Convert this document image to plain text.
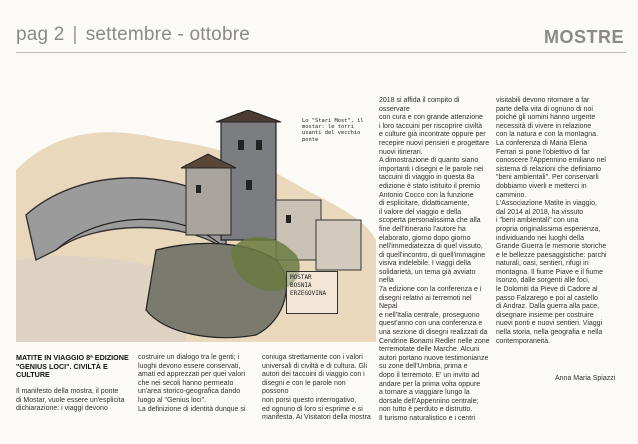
pag 2 | settembre - ottobre	MOSTRE
Lo "Stari Most", il mostar: le torri usanti del vecchio ponte
MOSTAR
BOSNIA
ERZEGOVINA
MATITE IN VIAGGIO 8ª EDIZIONE
"GENIUS LOCI". CIVILTÀ E
CULTURE

Il manifesto della mostra, il ponte
di Mostar, vuole essere un'esplicita
dichiarazione: i viaggi devono

costruire un dialogo tra le genti; i
luoghi devono essere conservati,
amati ed apprezzati per quei valori
che nei secoli hanno permeato
un'area storico-geografica dando
luogo al "Genius loci".
La definizione di identità dunque si

coniuga strettamente con i valori
universali di civiltà e di cultura. Gli
autori dei taccuini di viaggio con i
disegni e con le parole non possono
non porsi questo interrogativo,
ed ognuno di loro si esprime e si
manifesta. Ai Visitatori della mostra

2018 si affida il compito di osservare
con cura e con grande attenzione
i loro taccuini per riscoprire civiltà
e culture già incontrate oppure per
recepire nuovi pensieri e progettare
nuovi itinerari.
A dimostrazione di quanto siano
importanti i disegni e le parole nei
taccuini di viaggio in questa 8a
edizione è stato istituito il premio
Antonio Cocco con la funzione
di esplicitare, didatticamente,
il valore del viaggio e della
scoperta personalissima che alla
fine dell'itinerario l'autore ha
elaborato, giorno dopo giorno
nell'immediatezza di quel vissuto,
di quell'incontro, di quell'immagine
visiva indelebile. I viaggi della
solidarietà, un tema già avviato nella
7a edizione con la conferenza e i
disegni relativi ai terremoti nel Nepal
e nell'Italia centrale, proseguono
quest'anno con una conferenza e
una sezione di disegni realizzati da
Cendrine Bonami Redler nelle zone
terremotate delle Marche. Alcuni
autori portano nuove testimonianze
su zone dell'Umbria, prima e
dopo il terremoto. E' un invito ad
andare per la prima volta oppure
a tornare a viaggiare lungo la
dorsale dell'Appennino centrale;
non tutto è perduto e distrutto.
Il turismo naturalistico e i centri

visitabili devono ritornare a far
parte della vita di ognuno di noi
poiché gli uomini hanno urgente
necessità di vivere in relazione
con la natura e con la montagna.
La conferenza di Maria Elena
Ferrari si pone l'obiettivo di far
conoscere l'Appennino emiliano nel
sistema di relazioni che definiamo
"beni ambientali". Per conservarli
dobbiamo viverli e metterci in
cammino.
L'Associazione Matite in viaggio,
dal 2014 al 2018, ha vissuto
i "beni ambientali" con una
propria originalissima esperienza,
individuando nei luoghi della
Grande Guerra le memorie storiche
e le bellezze paesaggistiche: parchi
naturali, oasi, sentieri, rifugi in
montagna. Il fiume Piave e il fiume
Isonzo, dalle sorgenti alle foci,
le Dolomiti da Pieve di Cadore al
passo Falzarego e poi al castello
di Andraz. Dalla guerra alla pace,
disegnare insieme per costruire
nuovi ponti e nuovi sentieri. Viaggi
nella storia, nella geografia e nella
contemporaneità.

Anna Maria Spiazzi
